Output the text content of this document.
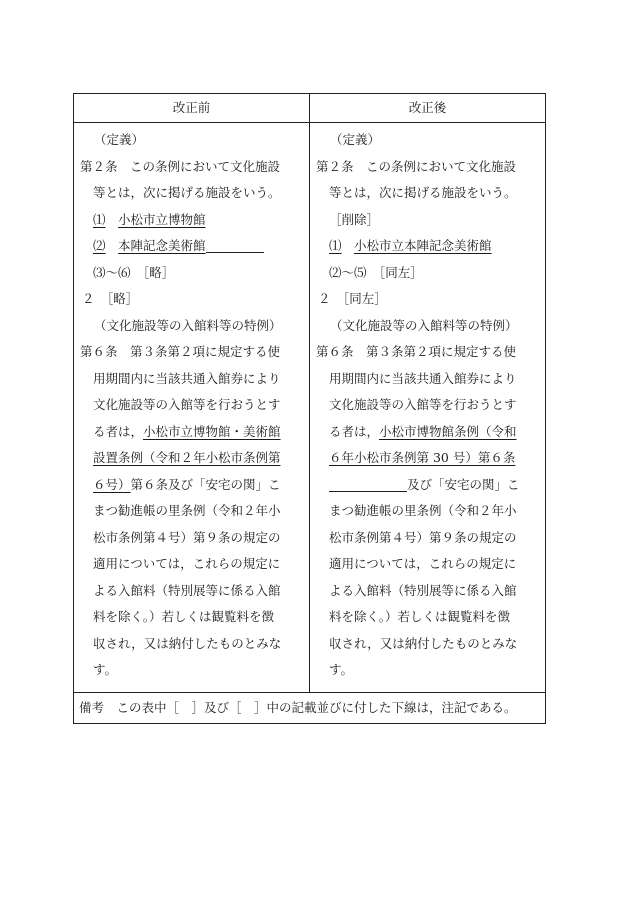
改正前	改正後
（定義）
第２条　この条例において文化施設
等とは，次に掲げる施設をいう。
⑴　 小松市立博物館
⑵　 本陣記念美術館
⑶～⑹　［略］
２　［略］
（文化施設等の入館料等の特例）
第６条　第３条第２項に規定する使
用期間内に当該共通入館券により
文化施設等の入館等を行おうとす
る者は，小松市立博物館・美術館
設置条例（令和２年小松市条例第
６号）第６条及び「安宅の関」こ
まつ勧進帳の里条例（令和２年小
松市条例第４号）第９条の規定の
適用については，これらの規定に
よる入館料（特別展等に係る入館
料を除く。）若しくは観覧料を徴
収され，又は納付したものとみな
す。
（定義）
第２条　この条例において文化施設
等とは，次に掲げる施設をいう。
［削除］
⑴　 小松市立本陣記念美術館
⑵～⑸　［同左］
２　［同左］
（文化施設等の入館料等の特例）
第６条　第３条第２項に規定する使
用期間内に当該共通入館券により
文化施設等の入館等を行おうとす
る者は，小松市博物館条例（令和
６年小松市条例第 30 号）第６条
及び「安宅の関」こ
まつ勧進帳の里条例（令和２年小
松市条例第４号）第９条の規定の
適用については，これらの規定に
よる入館料（特別展等に係る入館
料を除く。）若しくは観覧料を徴
収され，又は納付したものとみな
す。
備考　この表中［　］及び［　］中の記載並びに付した下線は，注記である。
